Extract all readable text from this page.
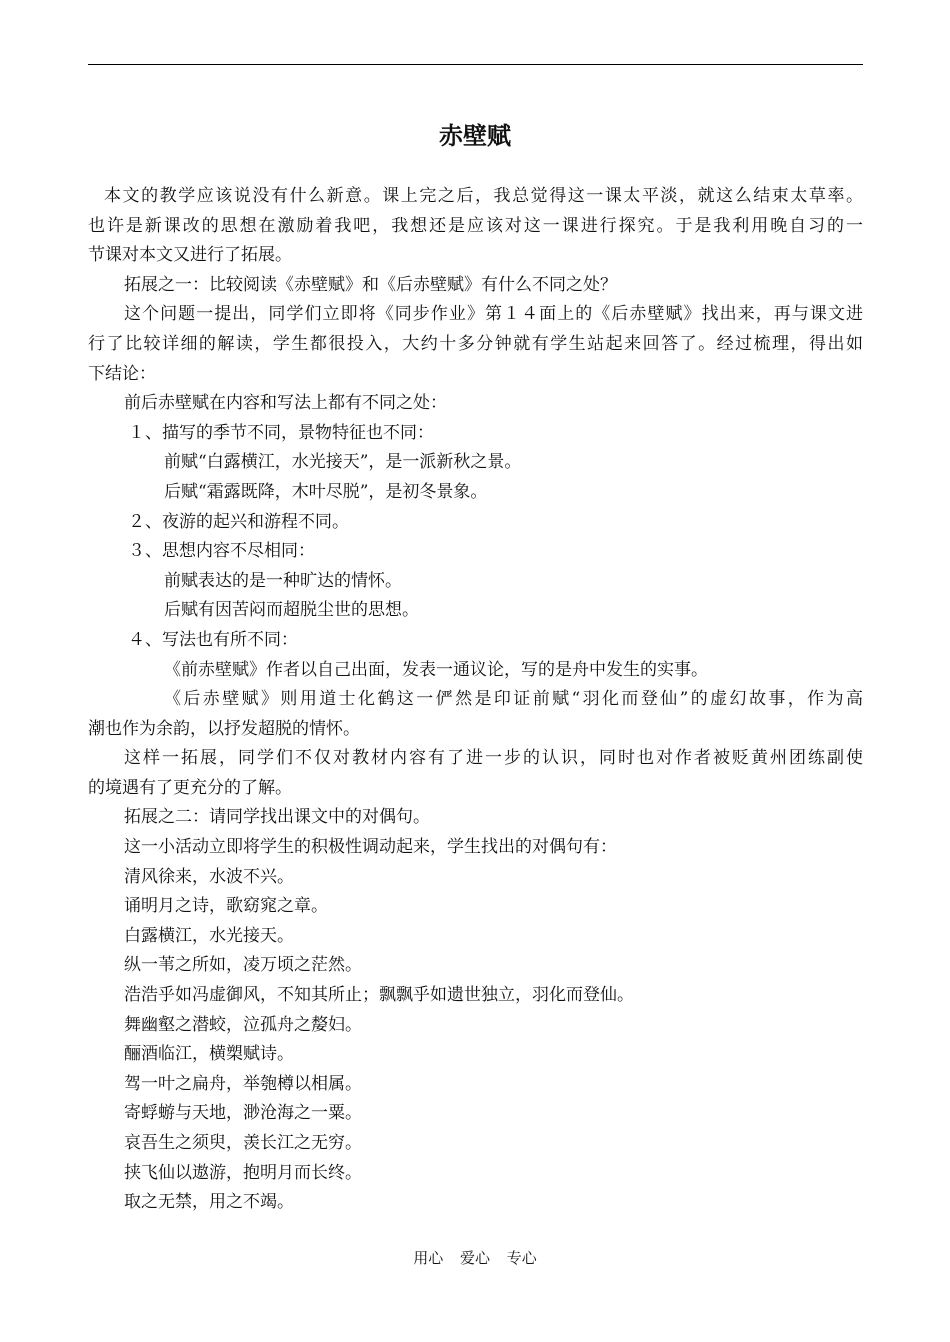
赤壁赋

本文的教学应该说没有什么新意。课上完之后，我总觉得这一课太平淡，就这么结束太草率。

也许是新课改的思想在激励着我吧，我想还是应该对这一课进行探究。于是我利用晚自习的一

节课对本文又进行了拓展。

拓展之一：比较阅读《赤壁赋》和《后赤壁赋》有什么不同之处？

这个问题一提出，同学们立即将《同步作业》第１４面上的《后赤壁赋》找出来，再与课文进

行了比较详细的解读，学生都很投入，大约十多分钟就有学生站起来回答了。经过梳理，得出如

下结论：

前后赤壁赋在内容和写法上都有不同之处：

１、描写的季节不同，景物特征也不同：

前赋“白露横江，水光接天”，是一派新秋之景。

后赋“霜露既降，木叶尽脱”，是初冬景象。

２、夜游的起兴和游程不同。

３、思想内容不尽相同：

前赋表达的是一种旷达的情怀。

后赋有因苦闷而超脱尘世的思想。

４、写法也有所不同：

《前赤壁赋》作者以自己出面，发表一通议论，写的是舟中发生的实事。

《后赤壁赋》则用道士化鹤这一俨然是印证前赋“羽化而登仙”的虚幻故事，作为高

潮也作为余韵，以抒发超脱的情怀。

这样一拓展，同学们不仅对教材内容有了进一步的认识，同时也对作者被贬黄州团练副使

的境遇有了更充分的了解。

拓展之二：请同学找出课文中的对偶句。

这一小活动立即将学生的积极性调动起来，学生找出的对偶句有：

清风徐来，水波不兴。

诵明月之诗，歌窈窕之章。

白露横江，水光接天。

纵一苇之所如，凌万顷之茫然。

浩浩乎如冯虚御风，不知其所止；飘飘乎如遗世独立，羽化而登仙。

舞幽壑之潜蛟，泣孤舟之嫠妇。

酾酒临江，横槊赋诗。

驾一叶之扁舟，举匏樽以相属。

寄蜉蝣与天地，渺沧海之一粟。

哀吾生之须臾，羡长江之无穷。

挟飞仙以遨游，抱明月而长终。

取之无禁，用之不竭。

用心 爱心 专心
